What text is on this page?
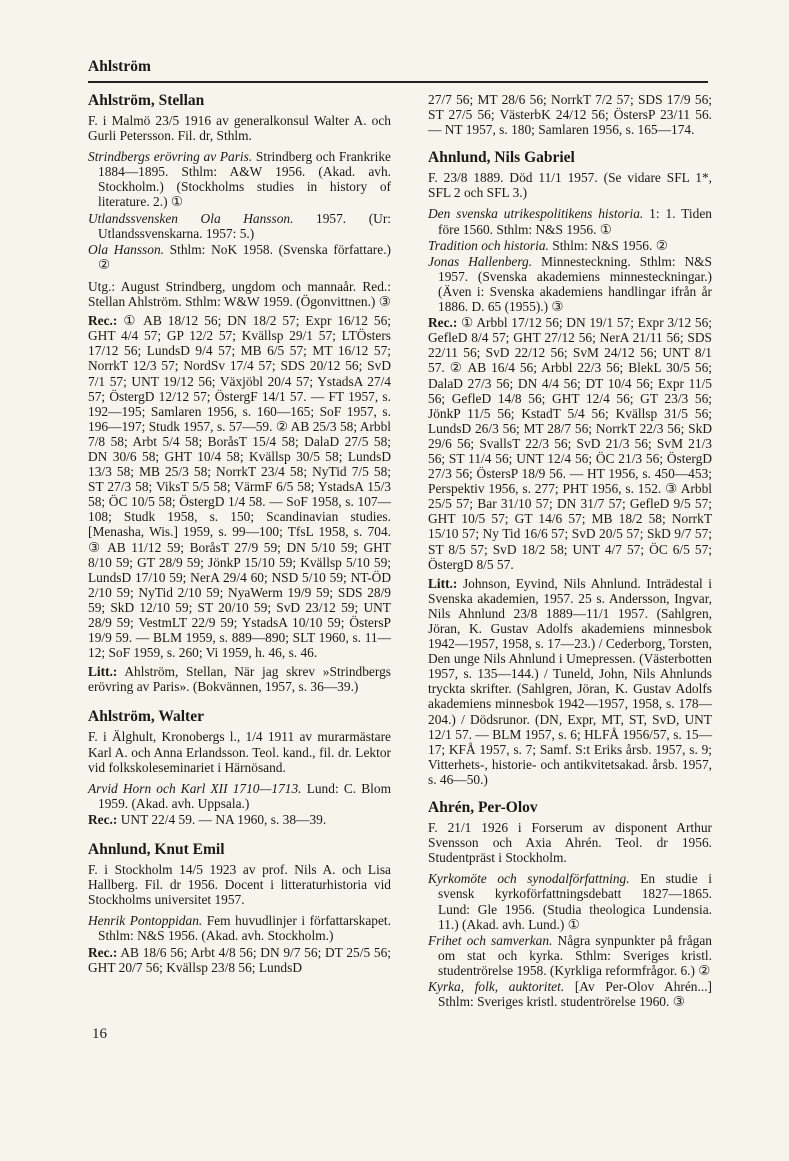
Ahlström
Ahlström, Stellan

F. i Malmö 23/5 1916 av generalkonsul Walter A. och Gurli Petersson. Fil. dr, Sthlm.

Strindbergs erövring av Paris. Strindberg och Frankrike 1884—1895. Sthlm: A&W 1956. (Akad. avh. Stockholm.) (Stockholms studies in history of literature. 2.) ①

Utlandssvensken Ola Hansson. 1957. (Ur: Utlandssvenskarna. 1957: 5.)

Ola Hansson. Sthlm: NoK 1958. (Svenska författare.) ②

Utg.: August Strindberg, ungdom och mannaår. Red.: Stellan Ahlström. Sthlm: W&W 1959. (Ögonvittnen.) ③

Rec.: ① AB 18/12 56; DN 18/2 57; Expr 16/12 56; GHT 4/4 57; GP 12/2 57; Kvällsp 29/1 57; LTÖsters 17/12 56; LundsD 9/4 57; MB 6/5 57; MT 16/12 57; NorrkT 12/3 57; NordSv 17/4 57; SDS 20/12 56; SvD 7/1 57; UNT 19/12 56; Växjöbl 20/4 57; YstadsA 27/4 57; ÖstergD 12/12 57; ÖstergF 14/1 57. — FT 1957, s. 192—195; Samlaren 1956, s. 160—165; SoF 1957, s. 196—197; Studk 1957, s. 57—59. ② AB 25/3 58; Arbbl 7/8 58; Arbt 5/4 58; BoråsT 15/4 58; DalaD 27/5 58; DN 30/6 58; GHT 10/4 58; Kvällsp 30/5 58; LundsD 13/3 58; MB 25/3 58; NorrkT 23/4 58; NyTid 7/5 58; ST 27/3 58; ViksT 5/5 58; VärmF 6/5 58; YstadsA 15/3 58; ÖC 10/5 58; ÖstergD 1/4 58. — SoF 1958, s. 107—108; Studk 1958, s. 150; Scandinavian studies. [Menasha, Wis.] 1959, s. 99—100; TfsL 1958, s. 704. ③ AB 11/12 59; BoråsT 27/9 59; DN 5/10 59; GHT 8/10 59; GT 28/9 59; JönkP 15/10 59; Kvällsp 5/10 59; LundsD 17/10 59; NerA 29/4 60; NSD 5/10 59; NT-ÖD 2/10 59; NyTid 2/10 59; NyaWerm 19/9 59; SDS 28/9 59; SkD 12/10 59; ST 20/10 59; SvD 23/12 59; UNT 28/9 59; VestmLT 22/9 59; YstadsA 10/10 59; ÖstersP 19/9 59. — BLM 1959, s. 889—890; SLT 1960, s. 11—12; SoF 1959, s. 260; Vi 1959, h. 46, s. 46.

Litt.: Ahlström, Stellan, När jag skrev »Strindbergs erövring av Paris». (Bokvännen, 1957, s. 36—39.)

Ahlström, Walter

F. i Älghult, Kronobergs l., 1/4 1911 av murarmästare Karl A. och Anna Erlandsson. Teol. kand., fil. dr. Lektor vid folkskoleseminariet i Härnösand.

Arvid Horn och Karl XII 1710—1713. Lund: C. Blom 1959. (Akad. avh. Uppsala.)

Rec.: UNT 22/4 59. — NA 1960, s. 38—39.

Ahnlund, Knut Emil

F. i Stockholm 14/5 1923 av prof. Nils A. och Lisa Hallberg. Fil. dr 1956. Docent i litteraturhistoria vid Stockholms universitet 1957.

Henrik Pontoppidan. Fem huvudlinjer i författarskapet. Sthlm: N&S 1956. (Akad. avh. Stockholm.)

Rec.: AB 18/6 56; Arbt 4/8 56; DN 9/7 56; DT 25/5 56; GHT 20/7 56; Kvällsp 23/8 56; LundsD

27/7 56; MT 28/6 56; NorrkT 7/2 57; SDS 17/9 56; ST 27/5 56; VästerbK 24/12 56; ÖstersP 23/11 56. — NT 1957, s. 180; Samlaren 1956, s. 165—174.

Ahnlund, Nils Gabriel

F. 23/8 1889. Död 11/1 1957. (Se vidare SFL 1*, SFL 2 och SFL 3.)

Den svenska utrikespolitikens historia. 1: 1. Tiden före 1560. Sthlm: N&S 1956. ①

Tradition och historia. Sthlm: N&S 1956. ②

Jonas Hallenberg. Minnesteckning. Sthlm: N&S 1957. (Svenska akademiens minnesteckningar.) (Även i: Svenska akademiens handlingar ifrån år 1886. D. 65 (1955).) ③

Rec.: ① Arbbl 17/12 56; DN 19/1 57; Expr 3/12 56; GefleD 8/4 57; GHT 27/12 56; NerA 21/11 56; SDS 22/11 56; SvD 22/12 56; SvM 24/12 56; UNT 8/1 57. ② AB 16/4 56; Arbbl 22/3 56; BlekL 30/5 56; DalaD 27/3 56; DN 4/4 56; DT 10/4 56; Expr 11/5 56; GefleD 14/8 56; GHT 12/4 56; GT 23/3 56; JönkP 11/5 56; KstadT 5/4 56; Kvällsp 31/5 56; LundsD 26/3 56; MT 28/7 56; NorrkT 22/3 56; SkD 29/6 56; SvallsT 22/3 56; SvD 21/3 56; SvM 21/3 56; ST 11/4 56; UNT 12/4 56; ÖC 21/3 56; ÖstergD 27/3 56; ÖstersP 18/9 56. — HT 1956, s. 450—453; Perspektiv 1956, s. 277; PHT 1956, s. 152. ③ Arbbl 25/5 57; Bar 31/10 57; DN 31/7 57; GefleD 9/5 57; GHT 10/5 57; GT 14/6 57; MB 18/2 58; NorrkT 15/10 57; Ny Tid 16/6 57; SvD 20/5 57; SkD 9/7 57; ST 8/5 57; SvD 18/2 58; UNT 4/7 57; ÖC 6/5 57; ÖstergD 8/5 57.

Litt.: Johnson, Eyvind, Nils Ahnlund. Inträdestal i Svenska akademien, 1957. 25 s. Andersson, Ingvar, Nils Ahnlund 23/8 1889—11/1 1957. (Sahlgren, Jöran, K. Gustav Adolfs akademiens minnesbok 1942—1957, 1958, s. 17—23.) / Cederborg, Torsten, Den unge Nils Ahnlund i Umepressen. (Västerbotten 1957, s. 135—144.) / Tuneld, John, Nils Ahnlunds tryckta skrifter. (Sahlgren, Jöran, K. Gustav Adolfs akademiens minnesbok 1942—1957, 1958, s. 178—204.) / Dödsrunor. (DN, Expr, MT, ST, SvD, UNT 12/1 57. — BLM 1957, s. 6; HLFÅ 1956/57, s. 15—17; KFÅ 1957, s. 7; Samf. S:t Eriks årsb. 1957, s. 9; Vitterhets-, historie- och antikvitetsakad. årsb. 1957, s. 46—50.)

Ahrén, Per-Olov

F. 21/1 1926 i Forserum av disponent Arthur Svensson och Axia Ahrén. Teol. dr 1956. Studentpräst i Stockholm.

Kyrkomöte och synodalförfattning. En studie i svensk kyrkoförfattningsdebatt 1827—1865. Lund: Gle 1956. (Studia theologica Lundensia. 11.) (Akad. avh. Lund.) ①

Frihet och samverkan. Några synpunkter på frågan om stat och kyrka. Sthlm: Sveriges kristl. studentrörelse 1958. (Kyrkliga reformfrågor. 6.) ②

Kyrka, folk, auktoritet. [Av Per-Olov Ahrén...] Sthlm: Sveriges kristl. studentrörelse 1960. ③

16
